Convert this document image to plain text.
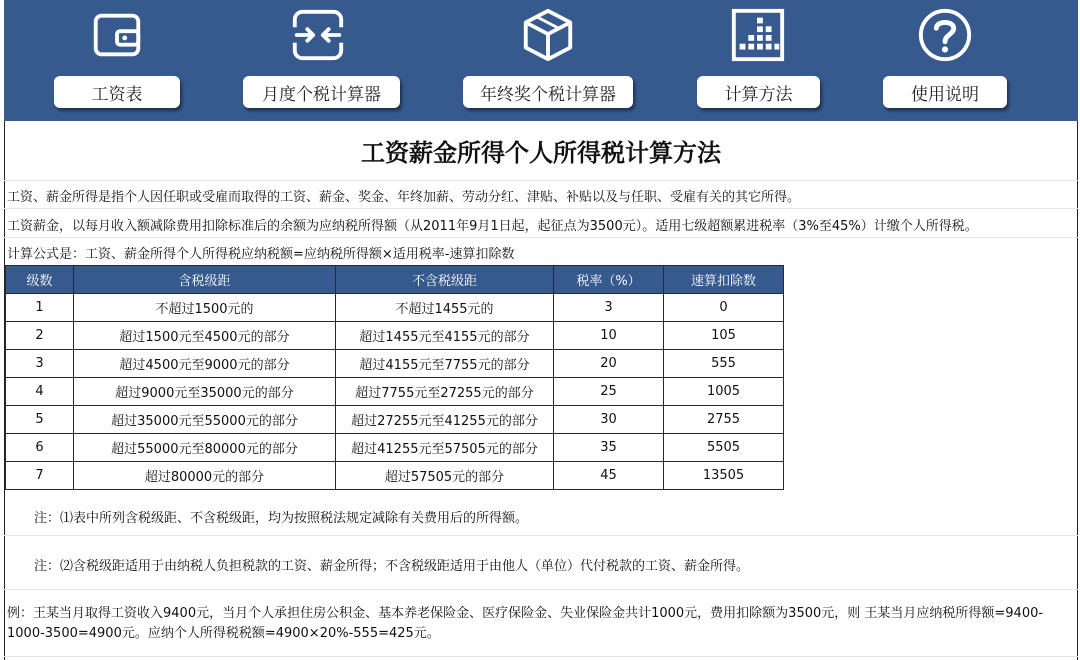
工资表	月度个税计算器	年终奖个税计算器	计算方法	使用说明
工资薪金所得个人所得税计算方法
工资、薪金所得是指个人因任职或受雇而取得的工资、薪金、奖金、年终加薪、劳动分红、津贴、补贴以及与任职、受雇有关的其它所得。
工资薪金，以每月收入额减除费用扣除标准后的余额为应纳税所得额（从2011年9月1日起，起征点为3500元）。适用七级超额累进税率（3%至45%）计缴个人所得税。
计算公式是：工资、薪金所得个人所得税应纳税额=应纳税所得额×适用税率-速算扣除数
级数	含税级距	不含税级距	税率（%）	速算扣除数
1	不超过1500元的	不超过1455元的	3	0
2	超过1500元至4500元的部分	超过1455元至4155元的部分	10	105
3	超过4500元至9000元的部分	超过4155元至7755元的部分	20	555
4	超过9000元至35000元的部分	超过7755元至27255元的部分	25	1005
5	超过35000元至55000元的部分	超过27255元至41255元的部分	30	2755
6	超过55000元至80000元的部分	超过41255元至57505元的部分	35	5505
7	超过80000元的部分	超过57505元的部分	45	13505
注：⑴表中所列含税级距、不含税级距，均为按照税法规定减除有关费用后的所得额。
注：⑵含税级距适用于由纳税人负担税款的工资、薪金所得；不含税级距适用于由他人（单位）代付税款的工资、薪金所得。
例：王某当月取得工资收入9400元，当月个人承担住房公积金、基本养老保险金、医疗保险金、失业保险金共计1000元，费用扣除额为3500元，则 王某当月应纳税所得额=9400-1000-3500=4900元。应纳个人所得税税额=4900×20%-555=425元。
